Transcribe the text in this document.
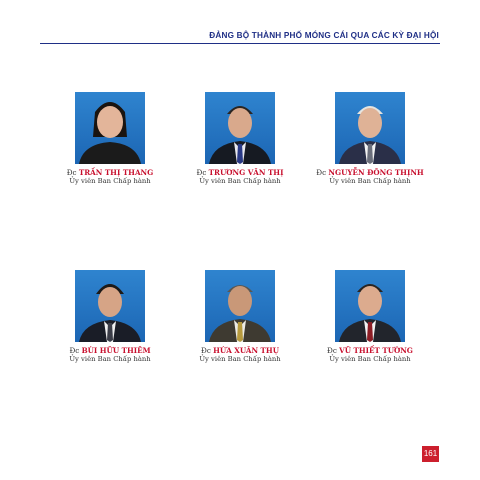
ĐẢNG BỘ THÀNH PHỐ MÓNG CÁI QUA CÁC KỲ ĐẠI HỘI
Đc TRẦN THỊ THANG
Ủy viên Ban Chấp hành
Đc TRƯƠNG VĂN THỊ
Ủy viên Ban Chấp hành
Đc NGUYỄN ĐÔNG THỊNH
Ủy viên Ban Chấp hành
Đc BÙI HỮU THIÊM
Ủy viên Ban Chấp hành
Đc HỨA XUÂN THỤ
Ủy viên Ban Chấp hành
Đc VŨ THIẾT TƯỜNG
Ủy viên Ban Chấp hành
161
